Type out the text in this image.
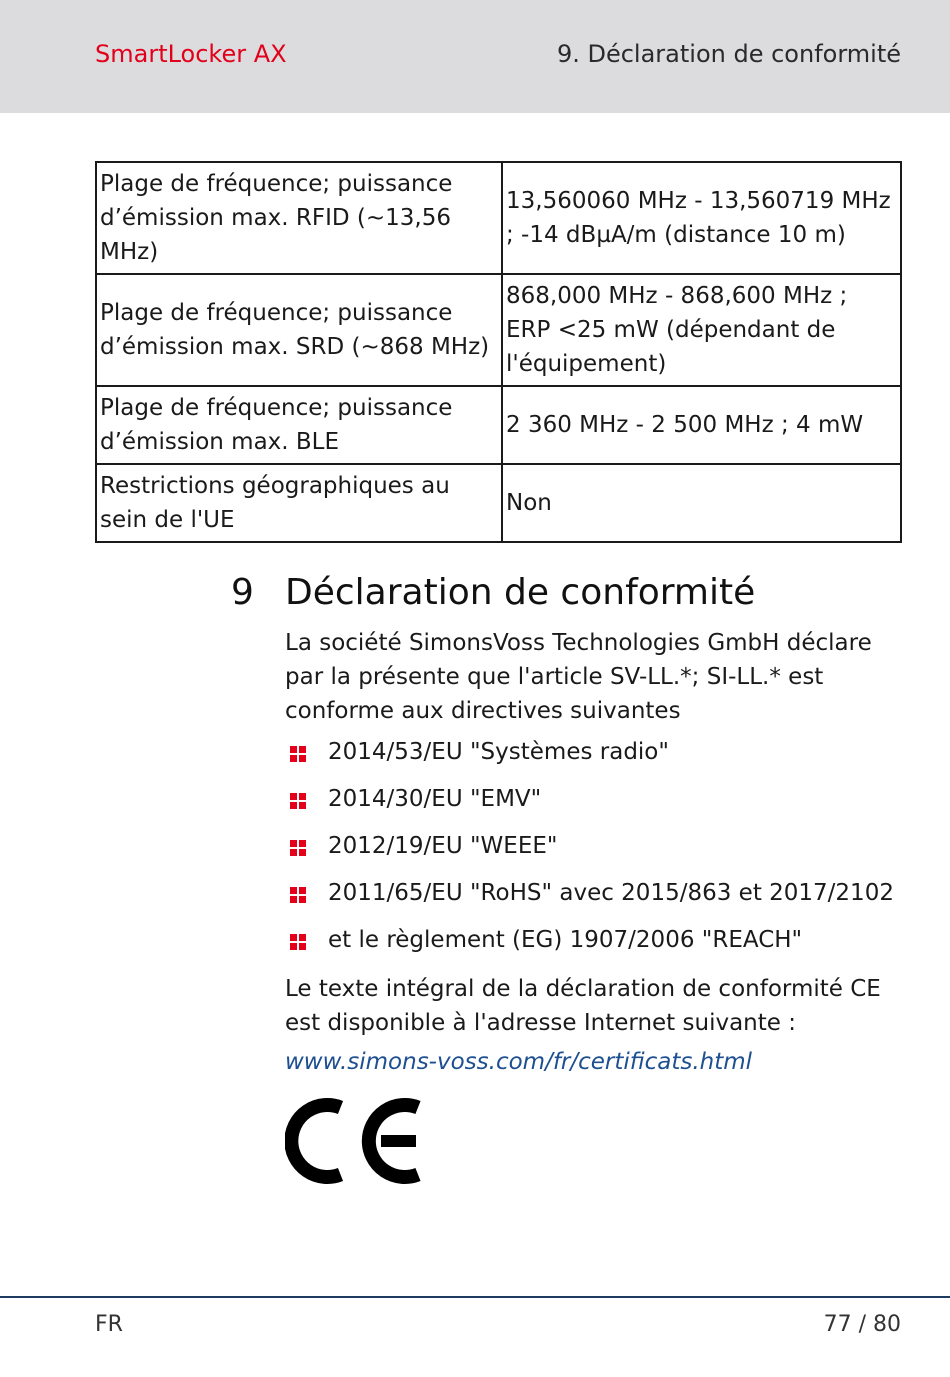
SmartLocker AX	9. Déclaration de conformité
Plage de fréquence; puissance d’émission max. RFID (~13,56 MHz)	13,560060 MHz - 13,560719 MHz ; -14 dBµA/m (distance 10 m)
Plage de fréquence; puissance d’émission max. SRD (~868 MHz)	868,000 MHz - 868,600 MHz ; ERP <25 mW (dépendant de l'équipement)
Plage de fréquence; puissance d’émission max. BLE	2 360 MHz - 2 500 MHz ; 4 mW
Restrictions géographiques au sein de l'UE	Non
9 Déclaration de conformité

La société SimonsVoss Technologies GmbH déclare par la présente que l'article SV-LL.*; SI-LL.* est conforme aux directives suivantes

2014/53/EU "Systèmes radio"
2014/30/EU "EMV"
2012/19/EU "WEEE"
2011/65/EU "RoHS" avec 2015/863 et 2017/2102
et le règlement (EG) 1907/2006 "REACH"

Le texte intégral de la déclaration de conformité CE est disponible à l'adresse Internet suivante :

www.simons-voss.com/fr/certificats.html
FR	77 / 80
